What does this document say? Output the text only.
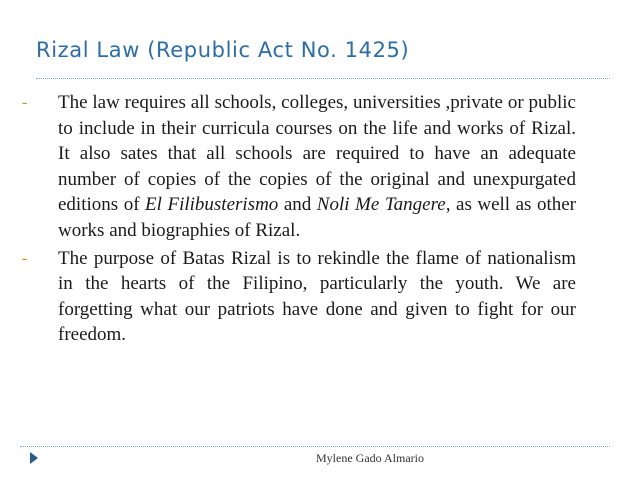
Rizal Law (Republic Act No. 1425)
- The law requires all schools, colleges, universities ,private or public to include in their curricula courses on the life and works of Rizal. It also sates that all schools are required to have an adequate number of copies of the copies of the original and unexpurgated editions of El Filibusterismo and Noli Me Tangere, as well as other works and biographies of Rizal.
- The purpose of Batas Rizal is to rekindle the flame of nationalism in the hearts of the Filipino, particularly the youth. We are forgetting what our patriots have done and given to fight for our freedom.
Mylene Gado Almario
